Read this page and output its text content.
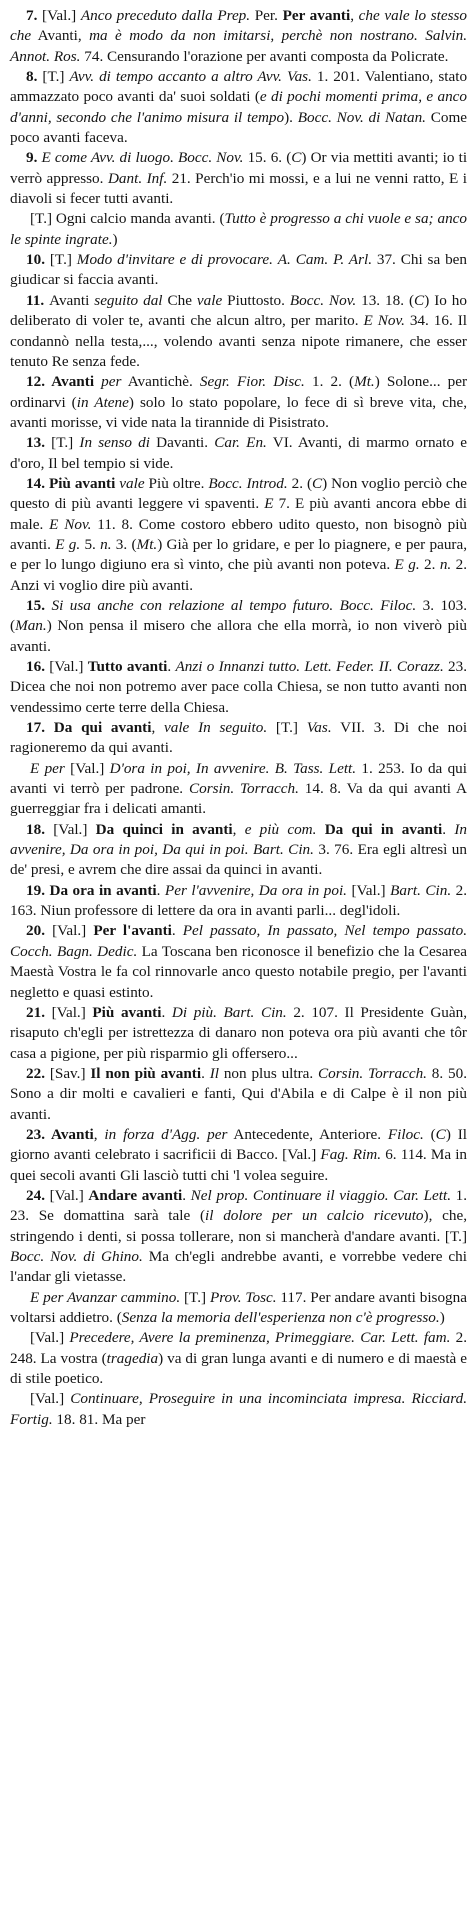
7. [Val.] Anco preceduto dalla Prep. Per. Per avanti, che vale lo stesso che Avanti, ma è modo da non imitarsi, perchè non nostrano. Salvin. Annot. Ros. 74. Censurando l'orazione per avanti composta da Policrate.

8. [T.] Avv. di tempo accanto a altro Avv. Vas. 1. 201. Valentiano, stato ammazzato poco avanti da' suoi soldati (e di pochi momenti prima, e anco d'anni, secondo che l'animo misura il tempo). Bocc. Nov. di Natan. Come poco avanti faceva.

9. E come Avv. di luogo. Bocc. Nov. 15. 6. (C) Or via mettiti avanti; io ti verrò appresso. Dant. Inf. 21. Perch'io mi mossi, e a lui ne venni ratto, E i diavoli si fecer tutti avanti.

[T.] Ogni calcio manda avanti. (Tutto è progresso a chi vuole e sa; anco le spinte ingrate.)

10. [T.] Modo d'invitare e di provocare. A. Cam. P. Arl. 37. Chi sa ben giudicar si faccia avanti.

11. Avanti seguito dal Che vale Piuttosto. Bocc. Nov. 13. 18. (C) Io ho deliberato di voler te, avanti che alcun altro, per marito. E Nov. 34. 16. Il condannò nella testa,..., volendo avanti senza nipote rimanere, che esser tenuto Re senza fede.

12. Avanti per Avantichè. Segr. Fior. Disc. 1. 2. (Mt.) Solone... per ordinarvi (in Atene) solo lo stato popolare, lo fece di sì breve vita, che, avanti morisse, vi vide nata la tirannide di Pisistrato.

13. [T.] In senso di Davanti. Car. En. VI. Avanti, di marmo ornato e d'oro, Il bel tempio si vide.

14. Più avanti vale Più oltre. Bocc. Introd. 2. (C) Non voglio perciò che questo di più avanti leggere vi spaventi. E 7. E più avanti ancora ebbe di male. E Nov. 11. 8. Come costoro ebbero udito questo, non bisognò più avanti. E g. 5. n. 3. (Mt.) Già per lo gridare, e per lo piagnere, e per paura, e per lo lungo digiuno era sì vinto, che più avanti non poteva. E g. 2. n. 2. Anzi vi voglio dire più avanti.

15. Si usa anche con relazione al tempo futuro. Bocc. Filoc. 3. 103. (Man.) Non pensa il misero che allora che ella morrà, io non viverò più avanti.

16. [Val.] Tutto avanti. Anzi o Innanzi tutto. Lett. Feder. II. Corazz. 23. Dicea che noi non potremo aver pace colla Chiesa, se non tutto avanti non vendessimo certe terre della Chiesa.

17. Da qui avanti, vale In seguito. [T.] Vas. VII. 3. Di che noi ragioneremo da qui avanti.

E per [Val.] D'ora in poi, In avvenire. B. Tass. Lett. 1. 253. Io da qui avanti vi terrò per padrone. Corsin. Torracch. 14. 8. Va da qui avanti A guerreggiar fra i delicati amanti.

18. [Val.] Da quinci in avanti, e più com. Da qui in avanti. In avvenire, Da ora in poi, Da qui in poi. Bart. Cin. 3. 76. Era egli altresì un de' presi, e avrem che dire assai da quinci in avanti.

19. Da ora in avanti. Per l'avvenire, Da ora in poi. [Val.] Bart. Cin. 2. 163. Niun professore di lettere da ora in avanti parli... degl'idoli.

20. [Val.] Per l'avanti. Pel passato, In passato, Nel tempo passato. Cocch. Bagn. Dedic. La Toscana ben riconosce il benefizio che la Cesarea Maestà Vostra le fa col rinnovarle anco questo notabile pregio, per l'avanti negletto e quasi estinto.

21. [Val.] Più avanti. Di più. Bart. Cin. 2. 107. Il Presidente Guàn, risaputo ch'egli per istrettezza di danaro non poteva ora più avanti che tôr casa a pigione, per più risparmio gli offersero...

22. [Sav.] Il non più avanti. Il non plus ultra. Corsin. Torracch. 8. 50. Sono a dir molti e cavalieri e fanti, Qui d'Abila e di Calpe è il non più avanti.

23. Avanti, in forza d'Agg. per Antecedente, Anteriore. Filoc. (C) Il giorno avanti celebrato i sacrificii di Bacco. [Val.] Fag. Rim. 6. 114. Ma in quei secoli avanti Gli lasciò tutti chi 'l volea seguire.

24. [Val.] Andare avanti. Nel prop. Continuare il viaggio. Car. Lett. 1. 23. Se domattina sarà tale (il dolore per un calcio ricevuto), che, stringendo i denti, si possa tollerare, non si mancherà d'andare avanti. [T.] Bocc. Nov. di Ghino. Ma ch'egli andrebbe avanti, e vorrebbe vedere chi l'andar gli vietasse.

E per Avanzar cammino. [T.] Prov. Tosc. 117. Per andare avanti bisogna voltarsi addietro. (Senza la memoria dell'esperienza non c'è progresso.)

[Val.] Precedere, Avere la preminenza, Primeggiare. Car. Lett. fam. 2. 248. La vostra (tragedia) va di gran lunga avanti e di numero e di maestà e di stile poetico.

[Val.] Continuare, Proseguire in una incominciata impresa. Ricciard. Fortig. 18. 81. Ma per
